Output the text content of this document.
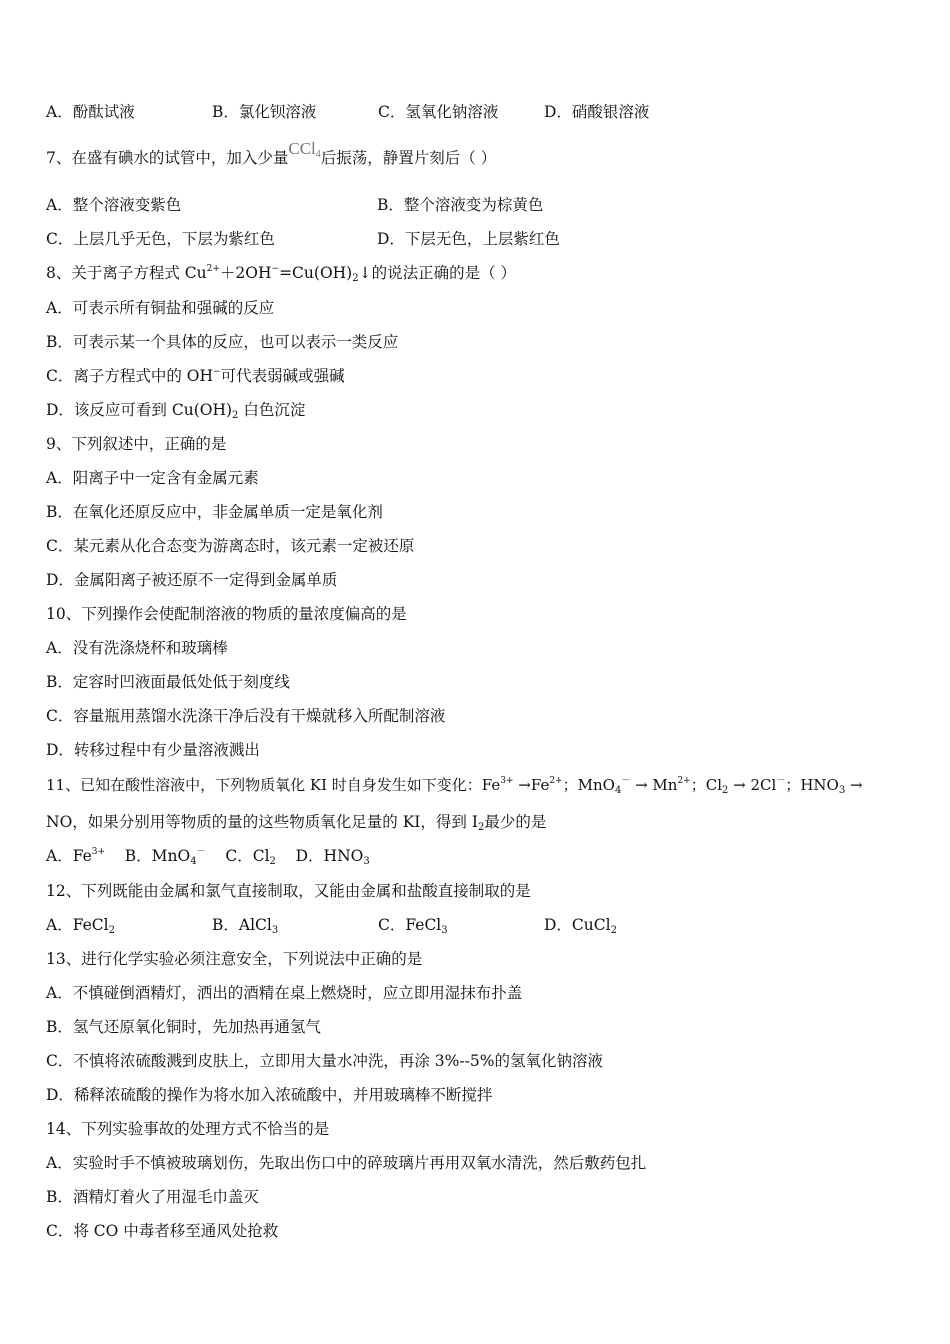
A．酚酞试液	B．氯化钡溶液	C．氢氧化钠溶液	D．硝酸银溶液
7、在盛有碘水的试管中，加入少量CCl$_4$后振荡，静置片刻后（ ）
A．整个溶液变紫色	B．整个溶液变为棕黄色
C．上层几乎无色，下层为紫红色	D．下层无色，上层紫红色
8、关于离子方程式 $Cu^{2+}+2OH^-=Cu(OH)_2↓$的说法正确的是（ ）
A．可表示所有铜盐和强碱的反应
B．可表示某一个具体的反应，也可以表示一类反应
C．离子方程式中的 OH−可代表弱碱或强碱
D．该反应可看到 $Cu(OH)_2$ 白色沉淀
9、下列叙述中，正确的是
A．阳离子中一定含有金属元素
B．在氧化还原反应中，非金属单质一定是氧化剂
C．某元素从化合态变为游离态时，该元素一定被还原
D．金属阳离子被还原不一定得到金属单质
10、下列操作会使配制溶液的物质的量浓度偏高的是
A．没有洗涤烧杯和玻璃棒
B．定容时凹液面最低处低于刻度线
C．容量瓶用蒸馏水洗涤干净后没有干燥就移入所配制溶液
D．转移过程中有少量溶液溅出
11、已知在酸性溶液中，下列物质氧化 KI 时自身发生如下变化：$Fe^{3+} \to Fe^{2+}$；$MnO_4^- \to Mn^{2+}$；$Cl_2 \to 2Cl^-$；$HNO_3$ →
NO，如果分别用等物质的量的这些物质氧化足量的 KI，得到 $I_2$最少的是
A．$Fe^{3+}$ B．MnO$_4$－ C．$Cl_2$ D．$HNO_3$
12、下列既能由金属和氯气直接制取，又能由金属和盐酸直接制取的是
A．FeCl$_2$	B．AlCl$_3$	C．FeCl$_3$	D．CuCl$_2$
13、进行化学实验必须注意安全，下列说法中正确的是
A．不慎碰倒酒精灯，洒出的酒精在桌上燃烧时，应立即用湿抹布扑盖
B．氢气还原氧化铜时，先加热再通氢气
C．不慎将浓硫酸溅到皮肤上，立即用大量水冲洗，再涂 3%--5%的氢氧化钠溶液
D．稀释浓硫酸的操作为将水加入浓硫酸中，并用玻璃棒不断搅拌
14、下列实验事故的处理方式不恰当的是
A．实验时手不慎被玻璃划伤，先取出伤口中的碎玻璃片再用双氧水清洗，然后敷药包扎
B．酒精灯着火了用湿毛巾盖灭
C．将 CO 中毒者移至通风处抢救
